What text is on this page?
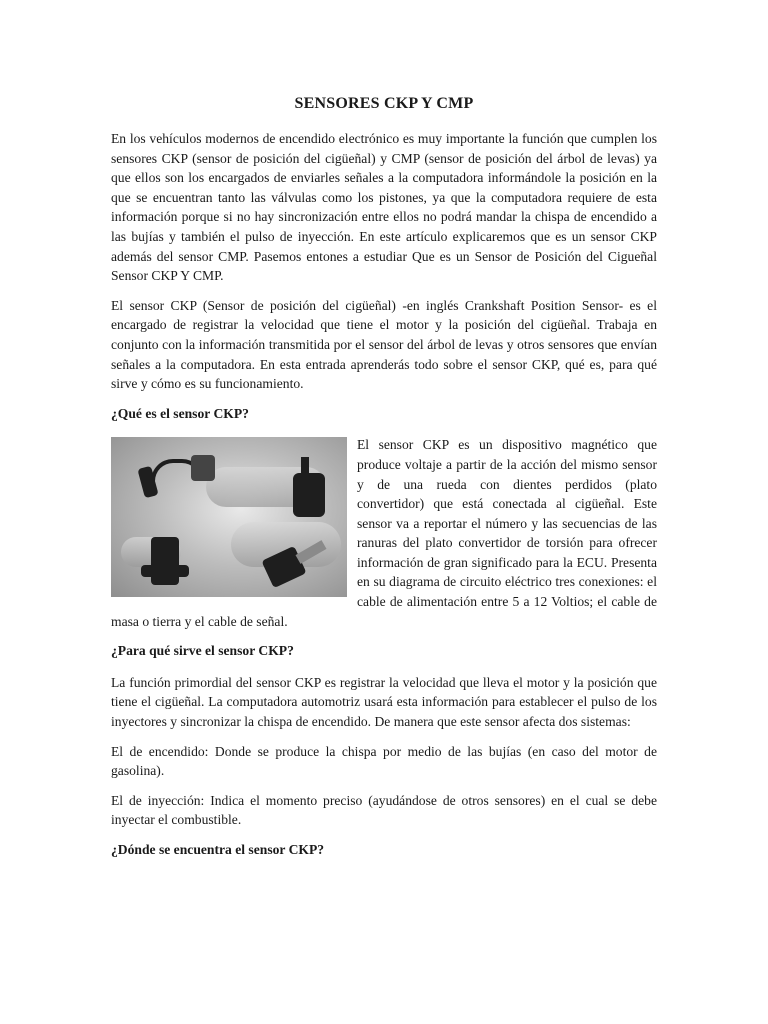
SENSORES CKP Y CMP

En los vehículos modernos de encendido electrónico es muy importante la función que cumplen los sensores CKP (sensor de posición del cigüeñal) y CMP (sensor de posición del árbol de levas) ya que ellos son los encargados de enviarles señales a la computadora informándole la posición en la que se encuentran tanto las válvulas como los pistones, ya que la computadora requiere de esta información porque si no hay sincronización entre ellos no podrá mandar la chispa de encendido a las bujías y también el pulso de inyección. En este artículo explicaremos que es un sensor CKP además del sensor CMP. Pasemos entones a estudiar Que es un Sensor de Posición del Cigueñal Sensor CKP Y CMP.

El sensor CKP (Sensor de posición del cigüeñal) -en inglés Crankshaft Position Sensor- es el encargado de registrar la velocidad que tiene el motor y la posición del cigüeñal. Trabaja en conjunto con la información transmitida por el sensor del árbol de levas y otros sensores que envían señales a la computadora. En esta entrada aprenderás todo sobre el sensor CKP, qué es, para qué sirve y cómo es su funcionamiento.

¿Qué es el sensor CKP?

El sensor CKP es un dispositivo magnético que produce voltaje a partir de la acción del mismo sensor y de una rueda con dientes perdidos (plato convertidor) que está conectada al cigüeñal. Este sensor va a reportar el número y las secuencias de las ranuras del plato convertidor de torsión para ofrecer información de gran significado para la ECU. Presenta en su diagrama de circuito eléctrico tres conexiones: el cable de alimentación entre 5 a 12 Voltios; el cable de masa o tierra y el cable de señal.

¿Para qué sirve el sensor CKP?

La función primordial del sensor CKP es registrar la velocidad que lleva el motor y la posición que tiene el cigüeñal. La computadora automotriz usará esta información para establecer el pulso de los inyectores y sincronizar la chispa de encendido. De manera que este sensor afecta dos sistemas:

El de encendido: Donde se produce la chispa por medio de las bujías (en caso del motor de gasolina).

El de inyección: Indica el momento preciso (ayudándose de otros sensores) en el cual se debe inyectar el combustible.

¿Dónde se encuentra el sensor CKP?
